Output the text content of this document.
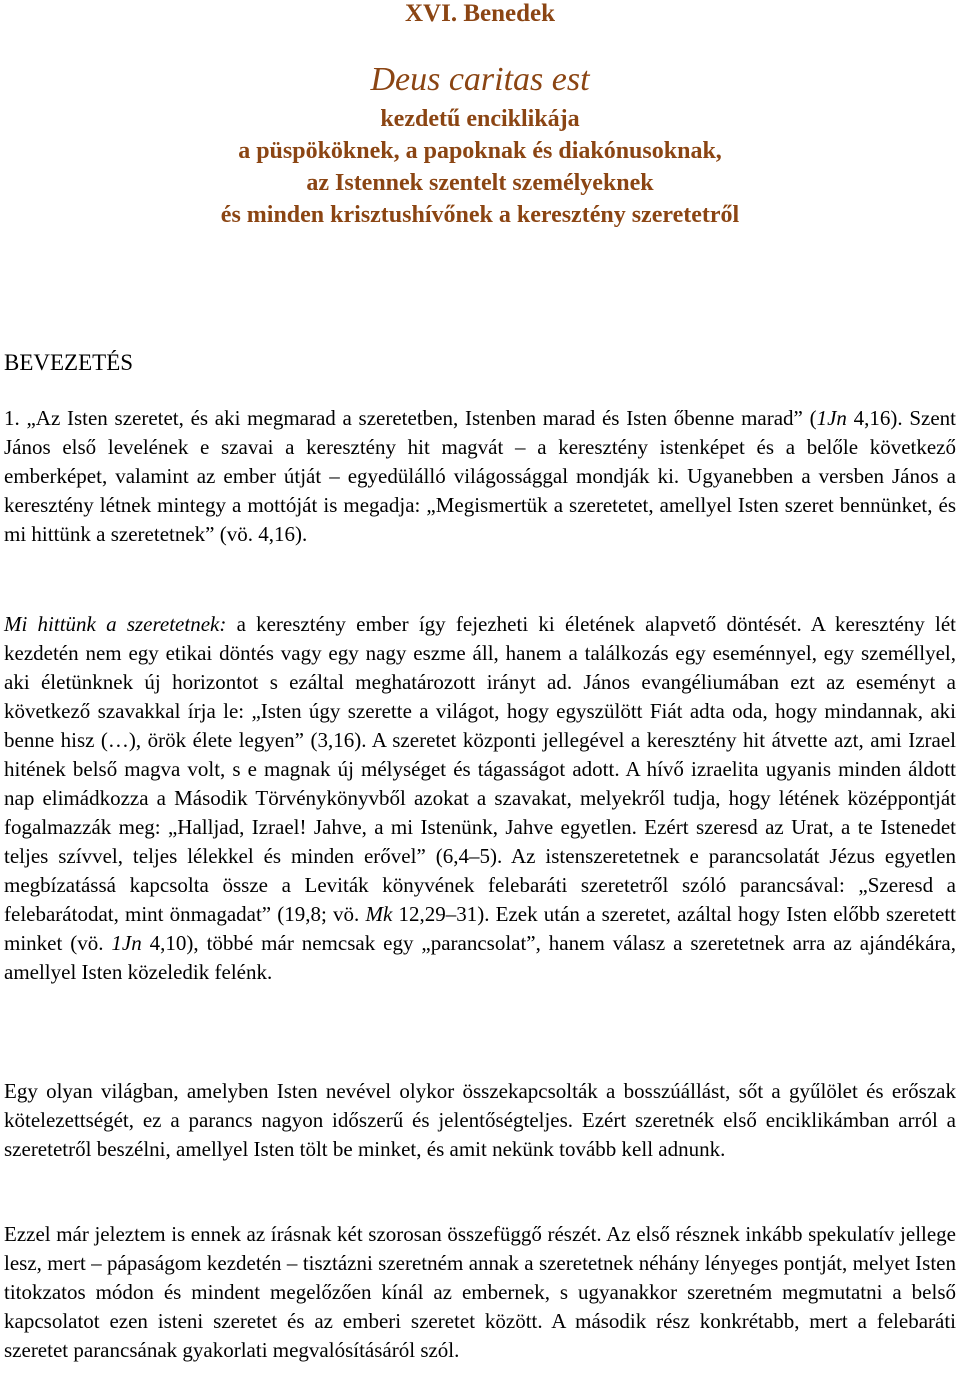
XVI. Benedek
Deus caritas est
kezdetű enciklikája
a püspököknek, a papoknak és diakónusoknak,
az Istennek szentelt személyeknek
és minden krisztushívőnek a keresztény szeretetről
BEVEZETÉS

1. „Az Isten szeretet, és aki megmarad a szeretetben, Istenben marad és Isten őbenne marad” (1Jn 4,16). Szent János első levelének e szavai a keresztény hit magvát – a keresztény istenképet és a belőle következő emberképet, valamint az ember útját – egyedülálló világossággal mondják ki. Ugyanebben a versben János a keresztény létnek mintegy a mottóját is megadja: „Megismertük a szeretetet, amellyel Isten szeret bennünket, és mi hittünk a szeretetnek” (vö. 4,16).

Mi hittünk a szeretetnek: a keresztény ember így fejezheti ki életének alapvető döntését. A keresztény lét kezdetén nem egy etikai döntés vagy egy nagy eszme áll, hanem a találkozás egy eseménnyel, egy személlyel, aki életünknek új horizontot s ezáltal meghatározott irányt ad. János evangéliumában ezt az eseményt a következő szavakkal írja le: „Isten úgy szerette a világot, hogy egyszülött Fiát adta oda, hogy mindannak, aki benne hisz (…), örök élete legyen” (3,16). A szeretet központi jellegével a keresztény hit átvette azt, ami Izrael hitének belső magva volt, s e magnak új mélységet és tágasságot adott. A hívő izraelita ugyanis minden áldott nap elimádkozza a Második Törvénykönyvből azokat a szavakat, melyekről tudja, hogy létének középpontját fogalmazzák meg: „Halljad, Izrael! Jahve, a mi Istenünk, Jahve egyetlen. Ezért szeresd az Urat, a te Istenedet teljes szívvel, teljes lélekkel és minden erővel” (6,4–5). Az istenszeretetnek e parancsolatát Jézus egyetlen megbízatássá kapcsolta össze a Leviták könyvének felebaráti szeretetről szóló parancsával: „Szeresd a felebarátodat, mint önmagadat” (19,8; vö. Mk 12,29–31). Ezek után a szeretet, azáltal hogy Isten előbb szeretett minket (vö. 1Jn 4,10), többé már nemcsak egy „parancsolat”, hanem válasz a szeretetnek arra az ajándékára, amellyel Isten közeledik felénk.

Egy olyan világban, amelyben Isten nevével olykor összekapcsolták a bosszúállást, sőt a gyűlölet és erőszak kötelezettségét, ez a parancs nagyon időszerű és jelentőségteljes. Ezért szeretnék első enciklikámban arról a szeretetről beszélni, amellyel Isten tölt be minket, és amit nekünk tovább kell adnunk.

Ezzel már jeleztem is ennek az írásnak két szorosan összefüggő részét. Az első résznek inkább spekulatív jellege lesz, mert – pápaságom kezdetén – tisztázni szeretném annak a szeretetnek néhány lényeges pontját, melyet Isten titokzatos módon és mindent megelőzően kínál az embernek, s ugyanakkor szeretném megmutatni a belső kapcsolatot ezen isteni szeretet és az emberi szeretet között. A második rész konkrétabb, mert a felebaráti szeretet parancsának gyakorlati megvalósításáról szól.
